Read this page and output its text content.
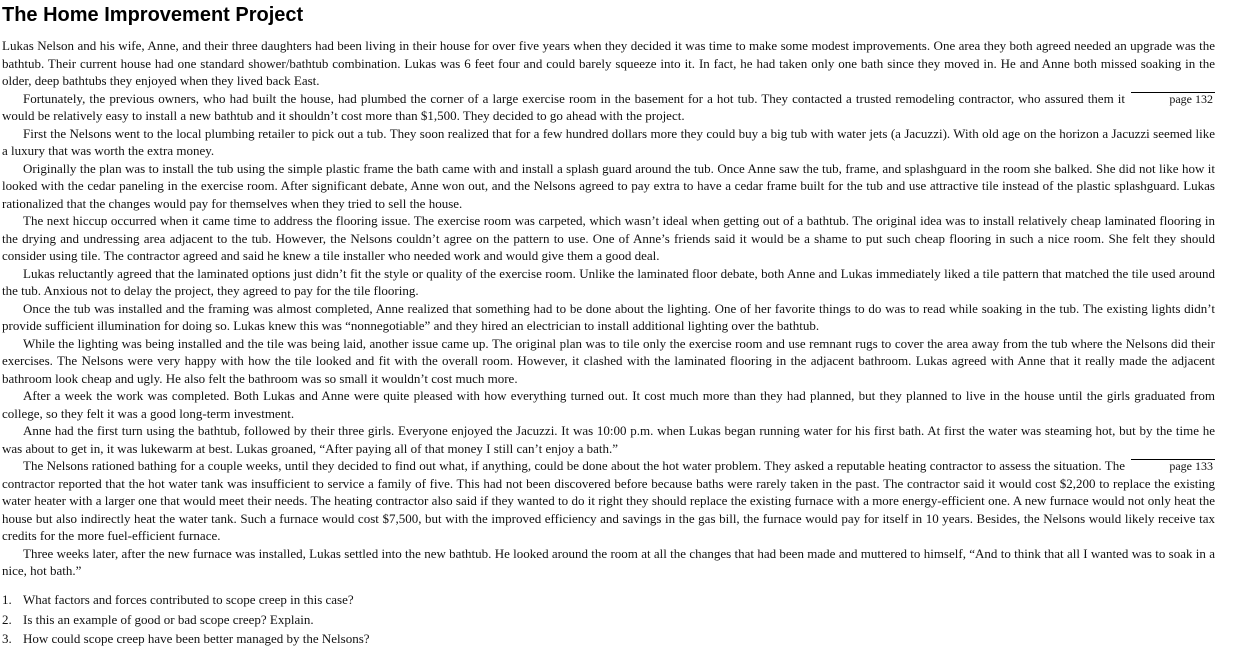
The Home Improvement Project

Lukas Nelson and his wife, Anne, and their three daughters had been living in their house for over five years when they decided it was time to make some modest improvements. One area they both agreed needed an upgrade was the bathtub. Their current house had one standard shower/bathtub combination. Lukas was 6 feet four and could barely squeeze into it. In fact, he had taken only one bath since they moved in. He and Anne both missed soaking in the older, deep bathtubs they enjoyed when they lived back East.

page 132
Fortunately, the previous owners, who had built the house, had plumbed the corner of a large exercise room in the basement for a hot tub. They contacted a trusted remodeling contractor, who assured them it would be relatively easy to install a new bathtub and it shouldn’t cost more than $1,500. They decided to go ahead with the project.

First the Nelsons went to the local plumbing retailer to pick out a tub. They soon realized that for a few hundred dollars more they could buy a big tub with water jets (a Jacuzzi). With old age on the horizon a Jacuzzi seemed like a luxury that was worth the extra money.

Originally the plan was to install the tub using the simple plastic frame the bath came with and install a splash guard around the tub. Once Anne saw the tub, frame, and splashguard in the room she balked. She did not like how it looked with the cedar paneling in the exercise room. After significant debate, Anne won out, and the Nelsons agreed to pay extra to have a cedar frame built for the tub and use attractive tile instead of the plastic splashguard. Lukas rationalized that the changes would pay for themselves when they tried to sell the house.

The next hiccup occurred when it came time to address the flooring issue. The exercise room was carpeted, which wasn’t ideal when getting out of a bathtub. The original idea was to install relatively cheap laminated flooring in the drying and undressing area adjacent to the tub. However, the Nelsons couldn’t agree on the pattern to use. One of Anne’s friends said it would be a shame to put such cheap flooring in such a nice room. She felt they should consider using tile. The contractor agreed and said he knew a tile installer who needed work and would give them a good deal.

Lukas reluctantly agreed that the laminated options just didn’t fit the style or quality of the exercise room. Unlike the laminated floor debate, both Anne and Lukas immediately liked a tile pattern that matched the tile used around the tub. Anxious not to delay the project, they agreed to pay for the tile flooring.

Once the tub was installed and the framing was almost completed, Anne realized that something had to be done about the lighting. One of her favorite things to do was to read while soaking in the tub. The existing lights didn’t provide sufficient illumination for doing so. Lukas knew this was “nonnegotiable” and they hired an electrician to install additional lighting over the bathtub.

While the lighting was being installed and the tile was being laid, another issue came up. The original plan was to tile only the exercise room and use remnant rugs to cover the area away from the tub where the Nelsons did their exercises. The Nelsons were very happy with how the tile looked and fit with the overall room. However, it clashed with the laminated flooring in the adjacent bathroom. Lukas agreed with Anne that it really made the adjacent bathroom look cheap and ugly. He also felt the bathroom was so small it wouldn’t cost much more.

After a week the work was completed. Both Lukas and Anne were quite pleased with how everything turned out. It cost much more than they had planned, but they planned to live in the house until the girls graduated from college, so they felt it was a good long-term investment.

Anne had the first turn using the bathtub, followed by their three girls. Everyone enjoyed the Jacuzzi. It was 10:00 p.m. when Lukas began running water for his first bath. At first the water was steaming hot, but by the time he was about to get in, it was lukewarm at best. Lukas groaned, “After paying all of that money I still can’t enjoy a bath.”

page 133
The Nelsons rationed bathing for a couple weeks, until they decided to find out what, if anything, could be done about the hot water problem. They asked a reputable heating contractor to assess the situation. The contractor reported that the hot water tank was insufficient to service a family of five. This had not been discovered before because baths were rarely taken in the past. The contractor said it would cost $2,200 to replace the existing water heater with a larger one that would meet their needs. The heating contractor also said if they wanted to do it right they should replace the existing furnace with a more energy-efficient one. A new furnace would not only heat the house but also indirectly heat the water tank. Such a furnace would cost $7,500, but with the improved efficiency and savings in the gas bill, the furnace would pay for itself in 10 years. Besides, the Nelsons would likely receive tax credits for the more fuel-efficient furnace.

Three weeks later, after the new furnace was installed, Lukas settled into the new bathtub. He looked around the room at all the changes that had been made and muttered to himself, “And to think that all I wanted was to soak in a nice, hot bath.”

1. What factors and forces contributed to scope creep in this case?
2. Is this an example of good or bad scope creep? Explain.
3. How could scope creep have been better managed by the Nelsons?
